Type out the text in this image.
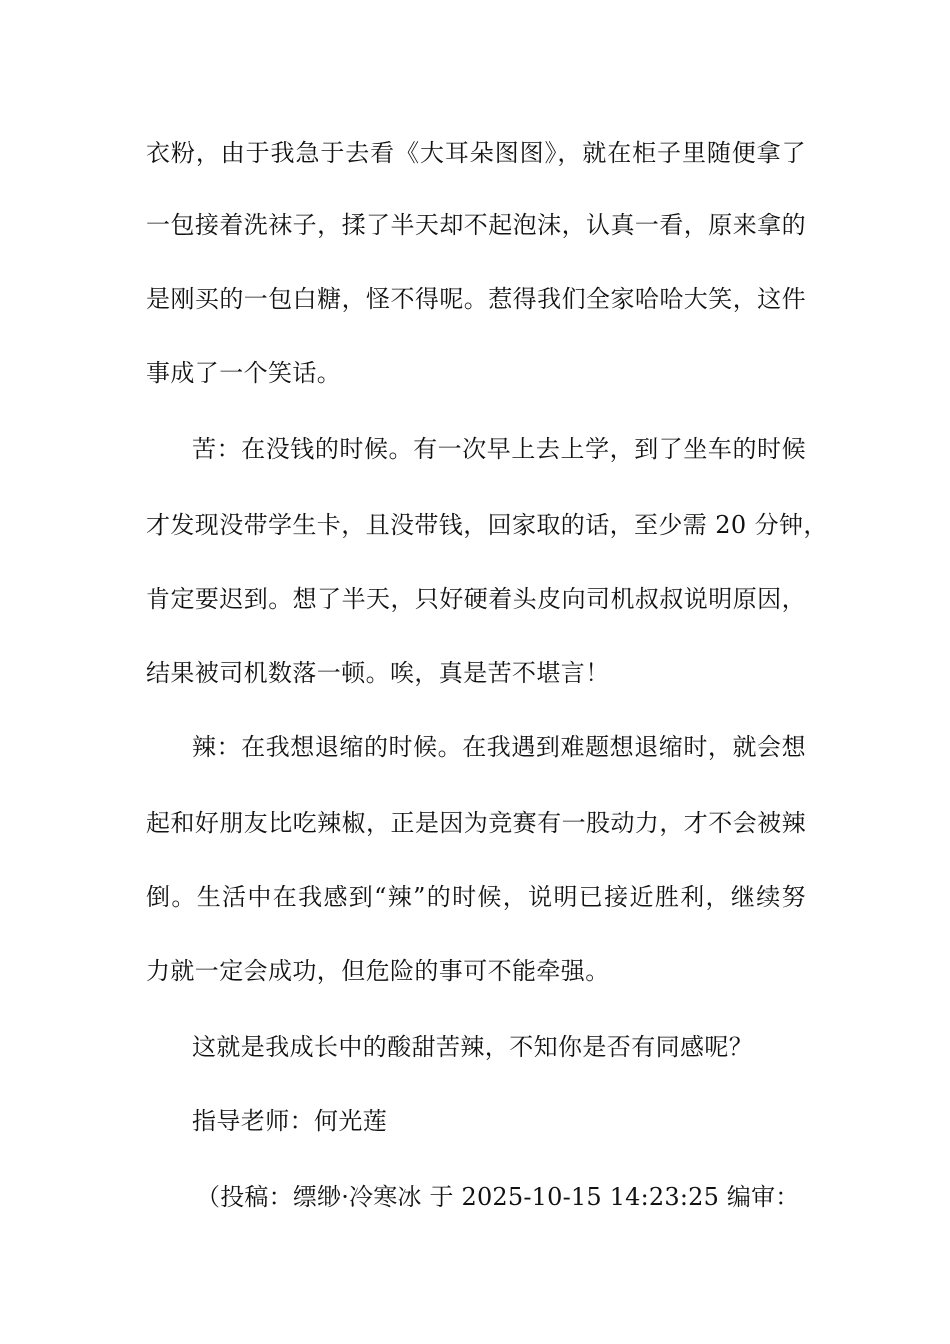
衣粉，由于我急于去看《大耳朵图图》，就在柜子里随便拿了
一包接着洗袜子，揉了半天却不起泡沫，认真一看，原来拿的
是刚买的一包白糖，怪不得呢。惹得我们全家哈哈大笑，这件
事成了一个笑话。
苦：在没钱的时候。有一次早上去上学，到了坐车的时候
才发现没带学生卡，且没带钱，回家取的话，至少需 20 分钟，
肯定要迟到。想了半天，只好硬着头皮向司机叔叔说明原因，
结果被司机数落一顿。唉，真是苦不堪言！
辣：在我想退缩的时候。在我遇到难题想退缩时，就会想
起和好朋友比吃辣椒，正是因为竞赛有一股动力，才不会被辣
倒。生活中在我感到“辣”的时候，说明已接近胜利，继续努
力就一定会成功，但危险的事可不能牵强。
这就是我成长中的酸甜苦辣，不知你是否有同感呢？
指导老师：何光莲
（投稿：缥缈·冷寒冰 于 2025-10-15 14:23:25 编审：
